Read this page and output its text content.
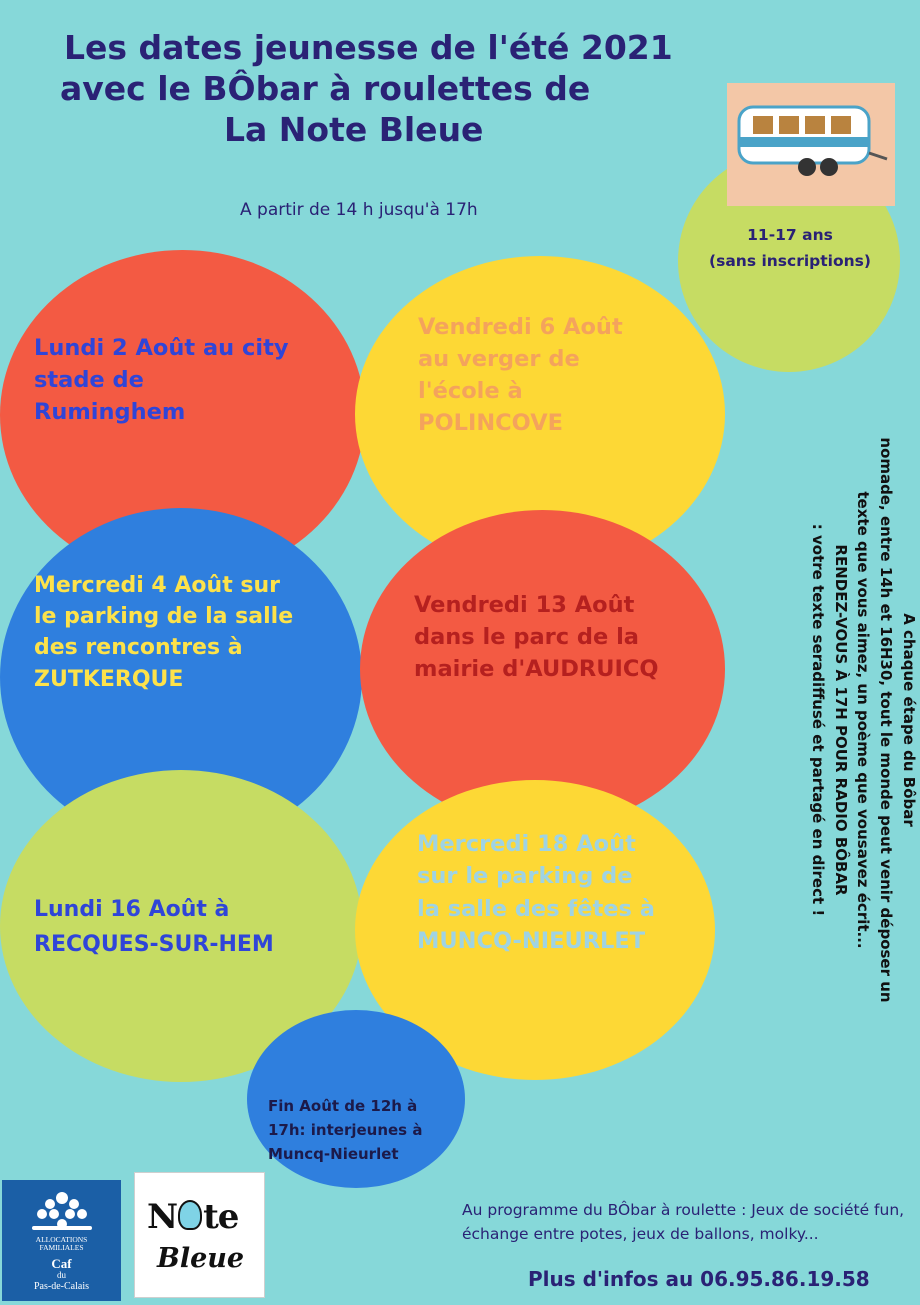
Les dates jeunesse de l'été 2021
avec le BÔbar à roulettes de
La Note Bleue
A partir de 14 h jusqu'à 17h
11-17 ans
(sans inscriptions)
Lundi 2 Août au city
stade de
Ruminghem
Vendredi 6 Août
au verger de
l'école à
POLINCOVE
Mercredi 4 Août sur
le parking de la salle
des rencontres à
ZUTKERQUE
Vendredi 13 Août
dans le parc de la
mairie d'AUDRUICQ
Lundi 16 Août à
RECQUES-SUR-HEM
Mercredi 18 Août
sur le parking de
la salle des fêtes à
MUNCQ-NIEURLET
Fin Août de 12h à
17h: interjeunes à
Muncq-Nieurlet
A chaque étape du Bôbar
nomade, entre 14h et 16H30, tout le monde peut venir déposer un
texte que vous aimez, un poème que vousavez écrit...
RENDEZ-VOUS À 17H POUR RADIO BÔBAR
: votre texte seradiffusé et partagé en direct !
ALLOCATIONS
FAMILIALES
Caf
du
Pas-de-Calais
N te
Bleue
Au programme du BÔbar à roulette : Jeux de société fun, échange entre potes, jeux de ballons, molky...
Plus d'infos au 06.95.86.19.58
